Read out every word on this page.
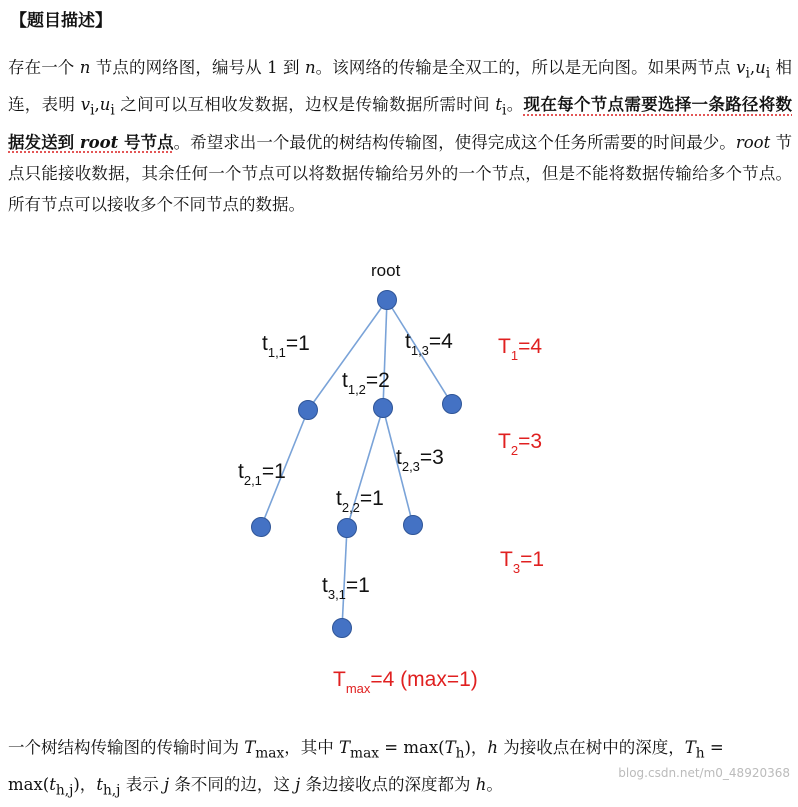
【题目描述】
存在一个 n 节点的网络图，编号从 1 到 n。该网络的传输是全双工的，所以是无向图。如果两节点 $v_i,u_i$ 相连，表明 $v_i,u_i$ 之间可以互相收发数据，边权是传输数据所需时间 $t_i$。现在每个节点需要选择一条路径将数据发送到 root 号节点。希望求出一个最优的树结构传输图，使得完成这个任务所需要的时间最少。root 节点只能接收数据，其余任何一个节点可以将数据传输给另外的一个节点，但是不能将数据传输给多个节点。所有节点可以接收多个不同节点的数据。
root
$t_{1,1}=1$
$t_{1,2}=2$
$t_{1,3}=4$
$t_{2,1}=1$
$t_{2,2}=1$
$t_{2,3}=3$
$t_{3,1}=1$
$T_1=4$
$T_2=3$
$T_3=1$
$T_{max}=4$ (max=1)
一个树结构传输图的传输时间为 $T_{max}$，其中 $T_{max} = \max(T_h)$，h 为接收点在树中的深度，$T_h = \max(t_{h,j})$，$t_{h,j}$ 表示 j 条不同的边，这 j 条边接收点的深度都为 h。
blog.csdn.net/m0_48920368
